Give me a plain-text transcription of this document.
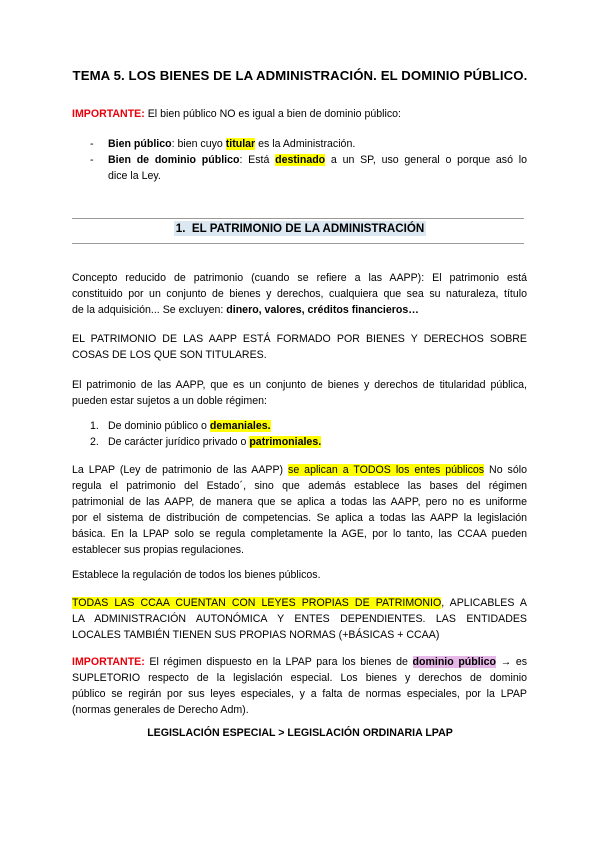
TEMA 5. LOS BIENES DE LA ADMINISTRACIÓN. EL DOMINIO PÚBLICO.
IMPORTANTE: El bien público NO es igual a bien de dominio público:
- Bien público: bien cuyo titular es la Administración.
- Bien de dominio público: Está destinado a un SP, uso general o porque asó lo
dice la Ley.
1. EL PATRIMONIO DE LA ADMINISTRACIÓN
Concepto reducido de patrimonio (cuando se refiere a las AAPP): El patrimonio está
constituido por un conjunto de bienes y derechos, cualquiera que sea su naturaleza, título
de la adquisición... Se excluyen: dinero, valores, créditos financieros…
EL PATRIMONIO DE LAS AAPP ESTÁ FORMADO POR BIENES Y DERECHOS SOBRE
COSAS DE LOS QUE SON TITULARES.
El patrimonio de las AAPP, que es un conjunto de bienes y derechos de titularidad pública,
pueden estar sujetos a un doble régimen:
1. De dominio público o demaniales.
2. De carácter jurídico privado o patrimoniales.
La LPAP (Ley de patrimonio de las AAPP) se aplican a TODOS los entes públicos No sólo
regula el patrimonio del Estado´, sino que además establece las bases del régimen
patrimonial de las AAPP, de manera que se aplica a todas las AAPP, pero no es uniforme
por el sistema de distribución de competencias. Se aplica a todas las AAPP la legislación
básica. En la LPAP solo se regula completamente la AGE, por lo tanto, las CCAA pueden
establecer sus propias regulaciones.
Establece la regulación de todos los bienes públicos.
TODAS LAS CCAA CUENTAN CON LEYES PROPIAS DE PATRIMONIO, APLICABLES A
LA ADMINISTRACIÓN AUTONÓMICA Y ENTES DEPENDIENTES. LAS ENTIDADES
LOCALES TAMBIÉN TIENEN SUS PROPIAS NORMAS (+BÁSICAS + CCAA)
IMPORTANTE: El régimen dispuesto en la LPAP para los bienes de dominio público → es
SUPLETORIO respecto de la legislación especial. Los bienes y derechos de dominio
público se regirán por sus leyes especiales, y a falta de normas especiales, por la LPAP
(normas generales de Derecho Adm).
LEGISLACIÓN ESPECIAL > LEGISLACIÓN ORDINARIA LPAP
